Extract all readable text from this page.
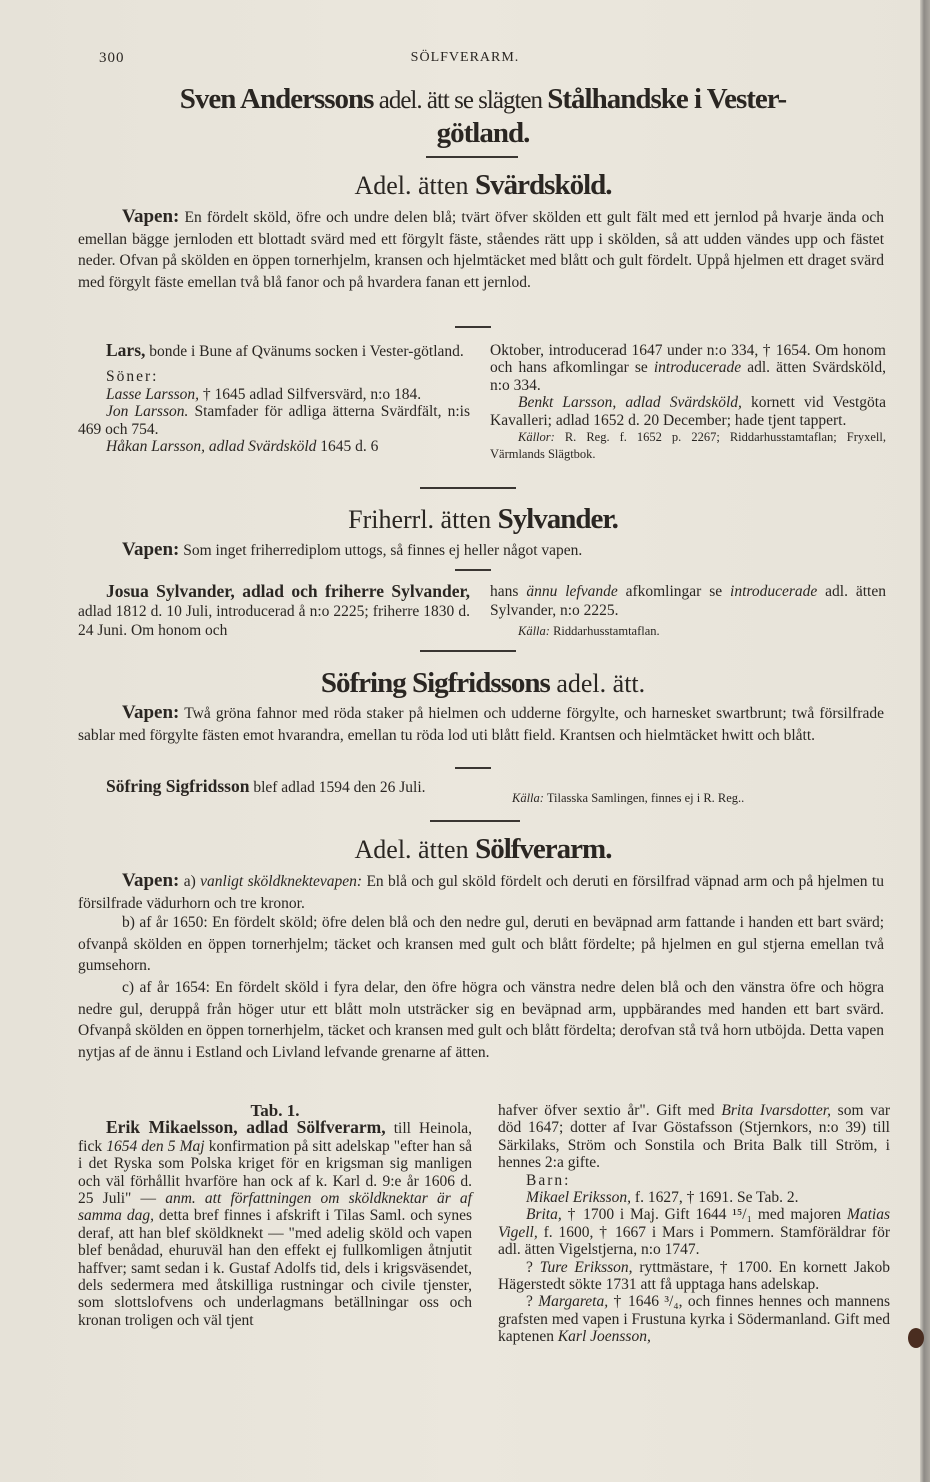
300	SÖLFVERARM.
Sven Anderssons adel. ätt se slägten Stålhandske i Vester-
götland.
Adel. ätten Svärdsköld.
Vapen: En fördelt sköld, öfre och undre delen blå; tvärt öfver skölden ett gult fält med ett jernlod på hvarje ända och emellan bägge jernloden ett blottadt svärd med ett förgylt fäste, ståendes rätt upp i skölden, så att udden vändes upp och fästet neder. Ofvan på skölden en öppen tornerhjelm, kransen och hjelmtäcket med blått och gult fördelt. Uppå hjelmen ett draget svärd med förgylt fäste emellan två blå fanor och på hvardera fanan ett jernlod.

Lars, bonde i Bune af Qvänums socken i Vester-götland.

Söner:

Lasse Larsson, † 1645 adlad Silfversvärd, n:o 184.

Jon Larsson. Stamfader för adliga ätterna Svärdfält, n:is 469 och 754.

Håkan Larsson, adlad Svärdsköld 1645 d. 6

Oktober, introducerad 1647 under n:o 334, † 1654. Om honom och hans afkomlingar se introducerade adl. ätten Svärdsköld, n:o 334.

Benkt Larsson, adlad Svärdsköld, kornett vid Vestgöta Kavalleri; adlad 1652 d. 20 December; hade tjent tappert.

Källor: R. Reg. f. 1652 p. 2267; Riddarhusstamtaflan; Fryxell, Värmlands Slägtbok.

Friherrl. ätten Sylvander.
Vapen: Som inget friherrediplom uttogs, så finnes ej heller något vapen.

Josua Sylvander, adlad och friherre Sylvander, adlad 1812 d. 10 Juli, introducerad å n:o 2225; friherre 1830 d. 24 Juni. Om honom och

hans ännu lefvande afkomlingar se introducerade adl. ätten Sylvander, n:o 2225.

Källa: Riddarhusstamtaflan.

Söfring Sigfridssons adel. ätt.
Vapen: Twå gröna fahnor med röda staker på hielmen och udderne förgylte, och harnesket swartbrunt; twå försilfrade sablar med förgylte fästen emot hvarandra, emellan tu röda lod uti blått field. Krantsen och hielmtäcket hwitt och blått.

Söfring Sigfridsson blef adlad 1594 den 26 Juli.

Källa: Tilasska Samlingen, finnes ej i R. Reg..

Adel. ätten Sölfverarm.
Vapen: a) vanligt sköldknektevapen: En blå och gul sköld fördelt och deruti en försilfrad väpnad arm och på hjelmen tu försilfrade vädurhorn och tre kronor.
b) af år 1650: En fördelt sköld; öfre delen blå och den nedre gul, deruti en beväpnad arm fattande i handen ett bart svärd; ofvanpå skölden en öppen tornerhjelm; täcket och kransen med gult och blått fördelte; på hjelmen en gul stjerna emellan två gumsehorn.
c) af år 1654: En fördelt sköld i fyra delar, den öfre högra och vänstra nedre delen blå och den vänstra öfre och högra nedre gul, deruppå från höger utur ett blått moln utsträcker sig en beväpnad arm, uppbärandes med handen ett bart svärd. Ofvanpå skölden en öppen tornerhjelm, täcket och kransen med gult och blått fördelta; derofvan stå två horn utböjda. Detta vapen nytjas af de ännu i Estland och Livland lefvande grenarne af ätten.

Tab. 1.

Erik Mikaelsson, adlad Sölfverarm, till Heinola, fick 1654 den 5 Maj konfirmation på sitt adelskap "efter han så i det Ryska som Polska kriget för en krigsman sig manligen och väl förhållit hvarföre han ock af k. Karl d. 9:e år 1606 d. 25 Juli" — anm. att författningen om sköldknektar är af samma dag, detta bref finnes i afskrift i Tilas Saml. och synes deraf, att han blef sköldknekt — "med adelig sköld och vapen blef benådad, ehuruväl han den effekt ej fullkomligen åtnjutit haffver; samt sedan i k. Gustaf Adolfs tid, dels i krigsväsendet, dels sedermera med åtskilliga rustningar och civile tjenster, som slottslofvens och underlagmans betällningar oss och kronan troligen och väl tjent

hafver öfver sextio år". Gift med Brita Ivarsdotter, som var död 1647; dotter af Ivar Göstafsson (Stjernkors, n:o 39) till Särkilaks, Ström och Sonstila och Brita Balk till Ström, i hennes 2:a gifte.

Barn:

Mikael Eriksson, f. 1627, † 1691. Se Tab. 2.

Brita, † 1700 i Maj. Gift 1644 ¹⁵/₁ med majoren Matias Vigell, f. 1600, † 1667 i Mars i Pommern. Stamföräldrar för adl. ätten Vigelstjerna, n:o 1747.

? Ture Eriksson, ryttmästare, † 1700. En kornett Jakob Hägerstedt sökte 1731 att få upptaga hans adelskap.

? Margareta, † 1646 ³/₄, och finnes hennes och mannens grafsten med vapen i Frustuna kyrka i Södermanland. Gift med kaptenen Karl Joensson,
